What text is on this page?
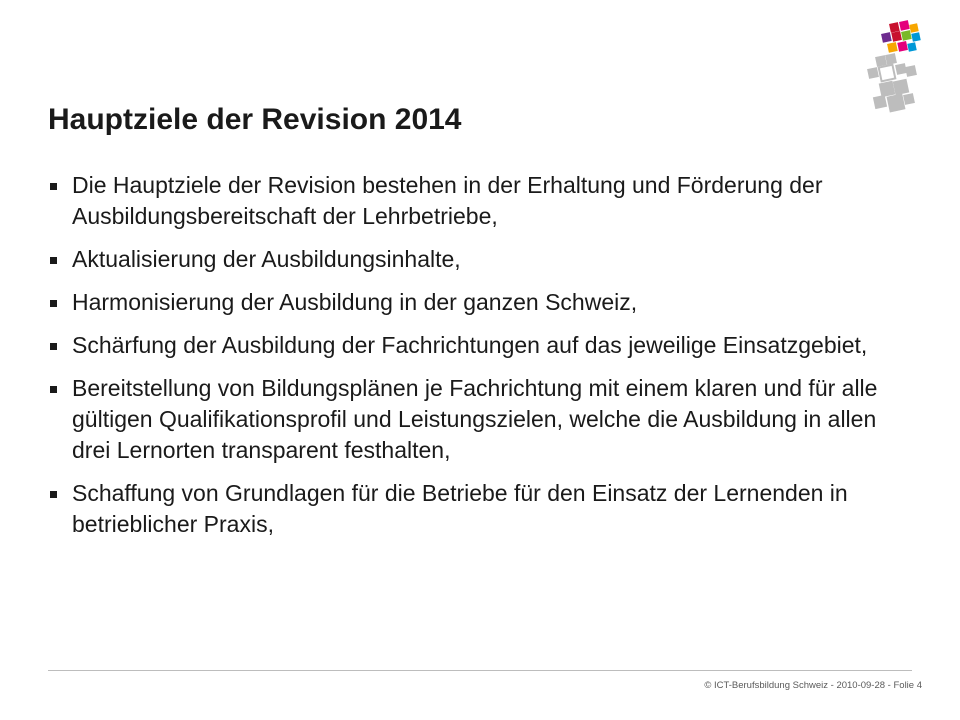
Hauptziele der Revision 2014
Die Hauptziele der Revision bestehen in der Erhaltung und Förderung der Ausbildungsbereitschaft der Lehrbetriebe,
Aktualisierung der Ausbildungsinhalte,
Harmonisierung der Ausbildung in der ganzen Schweiz,
Schärfung der Ausbildung der Fachrichtungen auf das jeweilige Einsatzgebiet,
Bereitstellung von Bildungsplänen je Fachrichtung mit einem klaren und für alle gültigen Qualifikationsprofil und Leistungszielen, welche die Ausbildung in allen drei Lernorten transparent festhalten,
Schaffung von Grundlagen für die Betriebe für den Einsatz der Lernenden in betrieblicher Praxis,
© ICT-Berufsbildung Schweiz - 2010-09-28 - Folie 4
